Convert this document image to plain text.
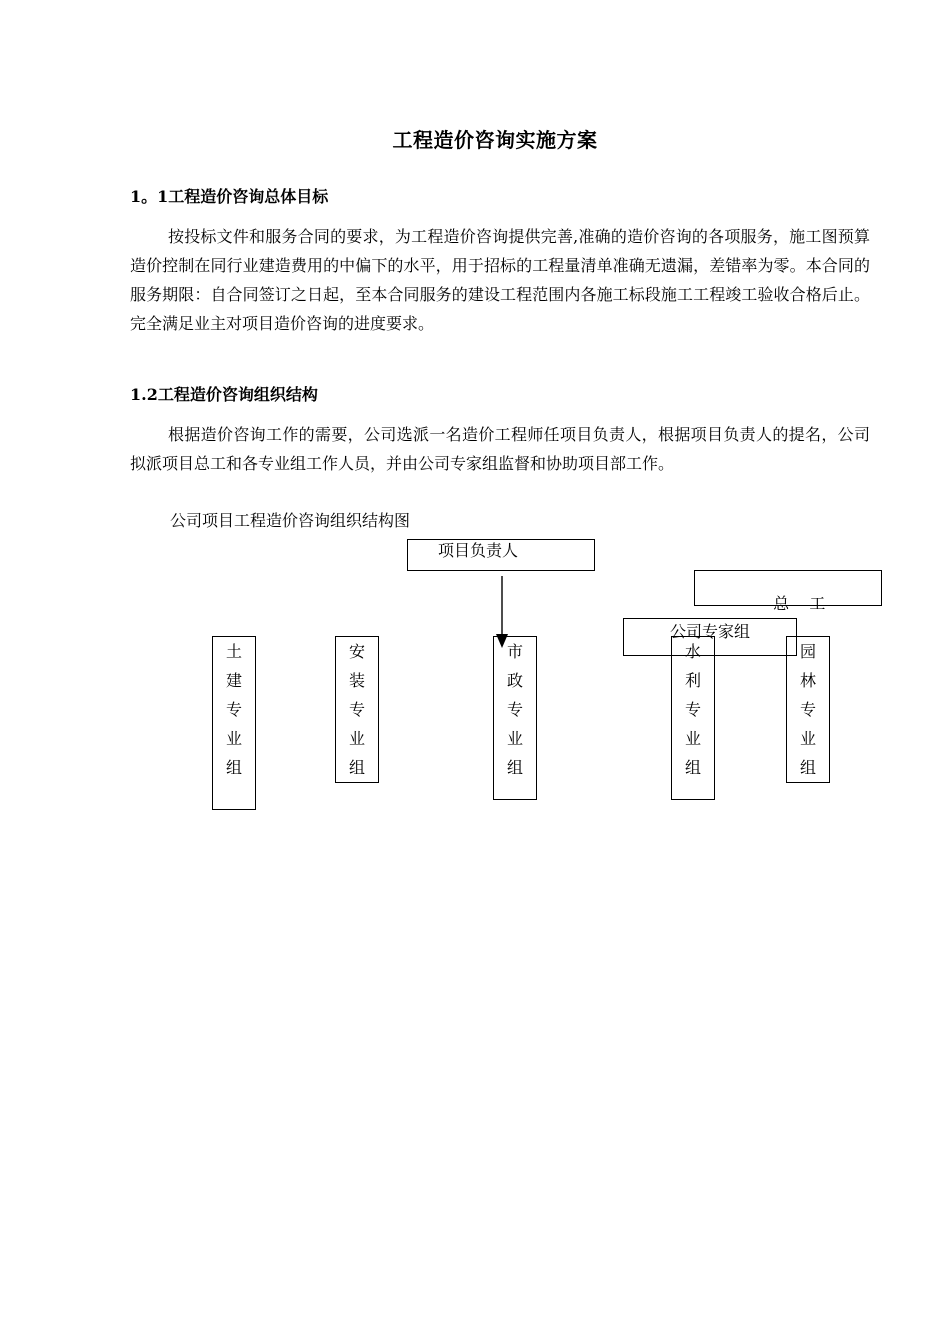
工程造价咨询实施方案
1。1工程造价咨询总体目标
按投标文件和服务合同的要求，为工程造价咨询提供完善,准确的造价咨询的各项服务，施工图预算造价控制在同行业建造费用的中偏下的水平，用于招标的工程量清单准确无遗漏，差错率为零。本合同的服务期限：自合同签订之日起，至本合同服务的建设工程范围内各施工标段施工工程竣工验收合格后止。完全满足业主对项目造价咨询的进度要求。
1.2工程造价咨询组织结构
根据造价咨询工作的需要，公司选派一名造价工程师任项目负责人，根据项目负责人的提名，公司拟派项目总工和各专业组工作人员，并由公司专家组监督和协助项目部工作。
公司项目工程造价咨询组织结构图
项目负责人

总    工

公司专家组
土
建
专
业
组
安
装
专
业
组
市
政
专
业
组
水
利
专
业
组
园
林
专
业
组
